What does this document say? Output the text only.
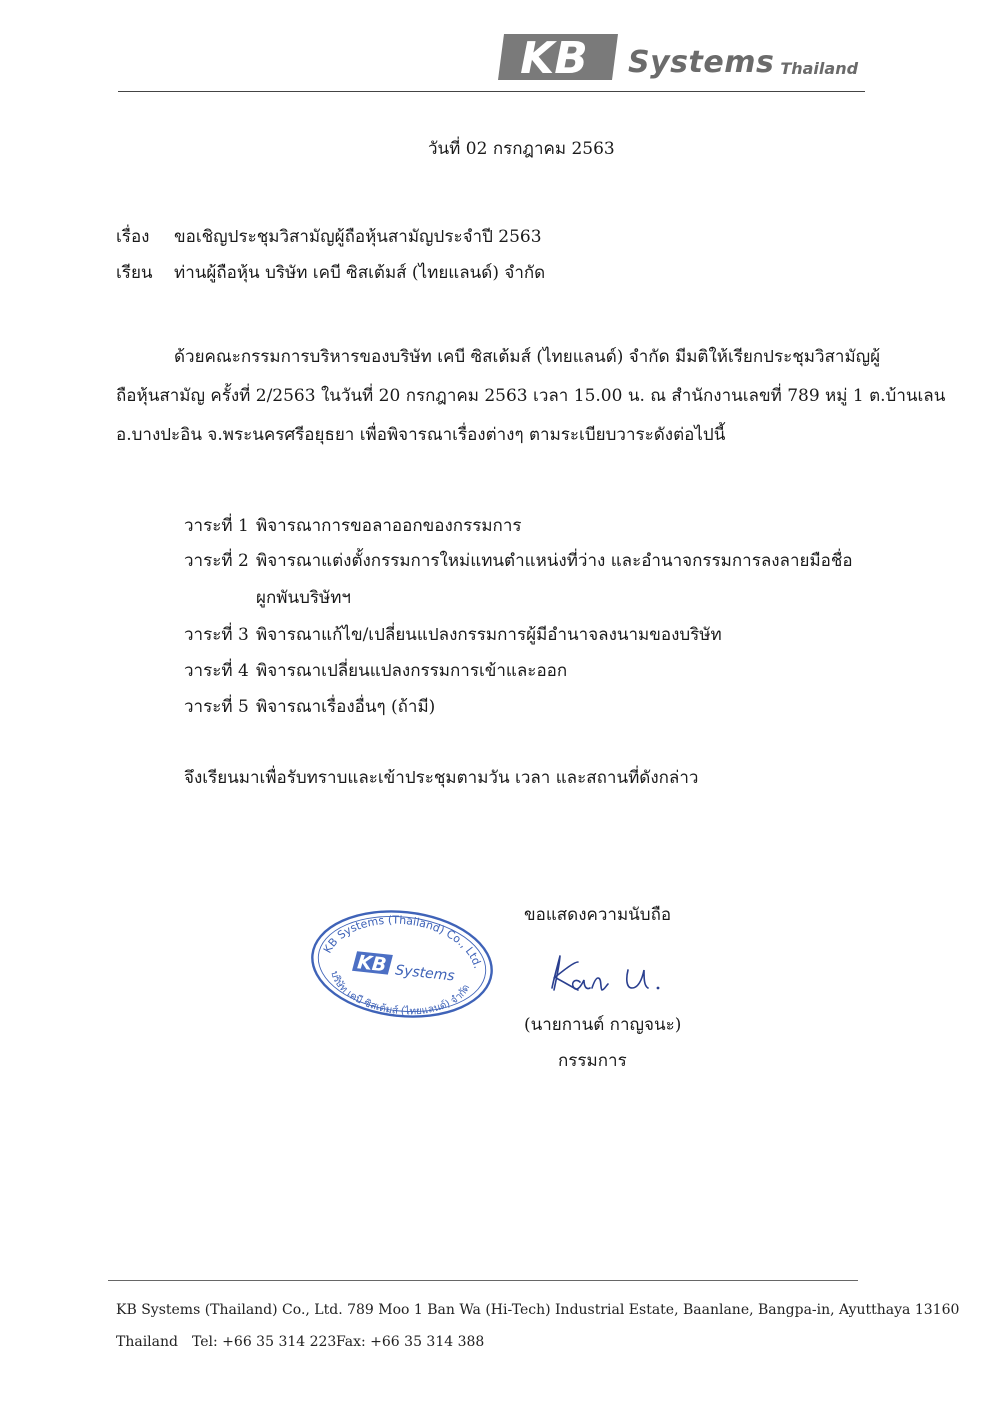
KB Systems Thailand
วันที่ 02 กรกฎาคม 2563
เรื่อง ขอเชิญประชุมวิสามัญผู้ถือหุ้นสามัญประจำปี 2563
เรียน ท่านผู้ถือหุ้น บริษัท เคบี ซิสเต้มส์ (ไทยแลนด์) จำกัด
ด้วยคณะกรรมการบริหารของบริษัท เคบี ซิสเต้มส์ (ไทยแลนด์) จำกัด มีมติให้เรียกประชุมวิสามัญผู้
ถือหุ้นสามัญ ครั้งที่ 2/2563 ในวันที่ 20 กรกฎาคม 2563 เวลา 15.00 น. ณ สำนักงานเลขที่ 789 หมู่ 1 ต.บ้านเลน
อ.บางปะอิน จ.พระนครศรีอยุธยา เพื่อพิจารณาเรื่องต่างๆ ตามระเบียบวาระดังต่อไปนี้
วาระที่ 1 พิจารณาการขอลาออกของกรรมการ
วาระที่ 2 พิจารณาแต่งตั้งกรรมการใหม่แทนตำแหน่งที่ว่าง และอำนาจกรรมการลงลายมือชื่อ
ผูกพันบริษัทฯ
วาระที่ 3 พิจารณาแก้ไข/เปลี่ยนแปลงกรรมการผู้มีอำนาจลงนามของบริษัท
วาระที่ 4 พิจารณาเปลี่ยนแปลงกรรมการเข้าและออก
วาระที่ 5 พิจารณาเรื่องอื่นๆ (ถ้ามี)
จึงเรียนมาเพื่อรับทราบและเข้าประชุมตามวัน เวลา และสถานที่ดังกล่าว
ขอแสดงความนับถือ
(นายกานต์ กาญจนะ)
กรรมการ
KB Systems (Thailand) Co., Ltd.
KB Systems
บริษัท เคบี ซิสเต้มส์ (ไทยแลนด์) จำกัด
KB Systems (Thailand) Co., Ltd. 789 Moo 1 Ban Wa (Hi-Tech) Industrial Estate, Baanlane, Bangpa-in, Ayutthaya 13160
Thailand Tel: +66 35 314 223 Fax: +66 35 314 388
